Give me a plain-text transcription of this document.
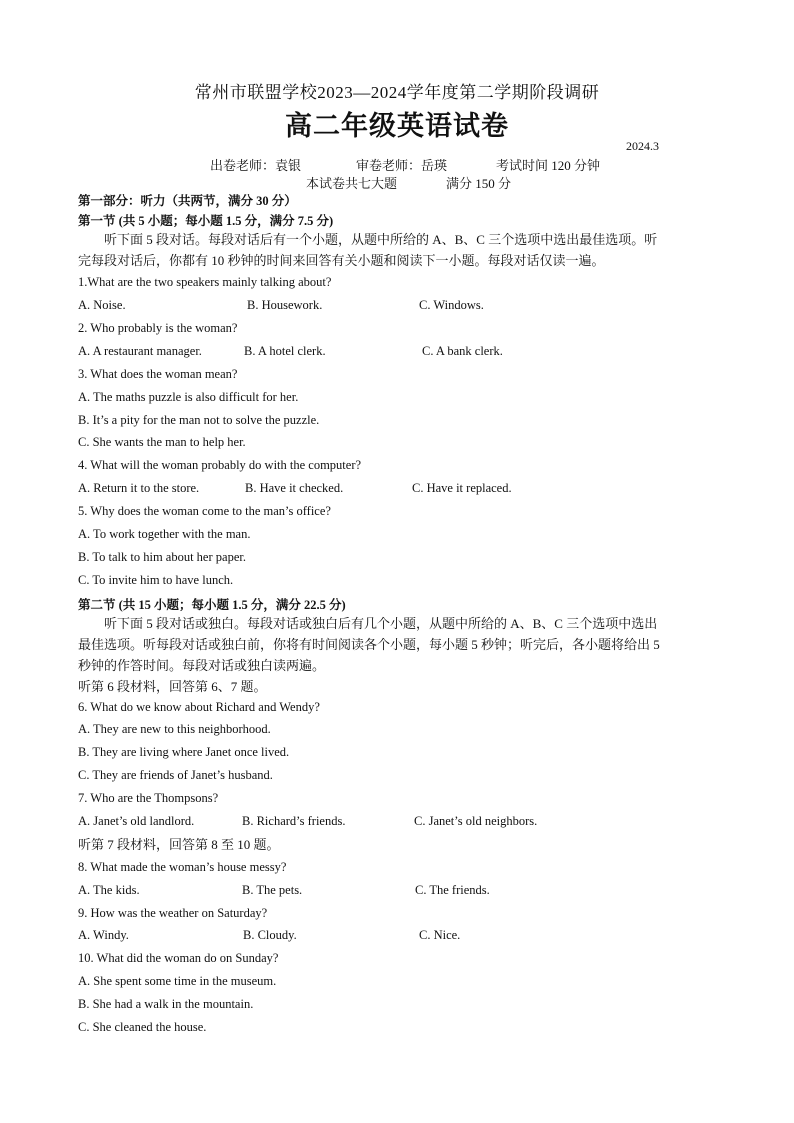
常州市联盟学校2023—2024学年度第二学期阶段调研
高二年级英语试卷
2024.3
出卷老师：袁银	审卷老师：岳瑛	考试时间 120 分钟
本试卷共七大题	满分 150 分
第一部分：听力（共两节，满分 30 分）
第一节 (共 5 小题；每小题 1.5 分，满分 7.5 分)
听下面 5 段对话。每段对话后有一个小题，从题中所给的 A、B、C 三个选项中选出最佳选项。听
完每段对话后，你都有 10 秒钟的时间来回答有关小题和阅读下一小题。每段对话仅读一遍。
1.What are the two speakers mainly talking about?
A. Noise.	B. Housework.	C. Windows.
2. Who probably is the woman?
A. A restaurant manager.	B. A hotel clerk.	C. A bank clerk.
3. What does the woman mean?
A. The maths puzzle is also difficult for her.
B. It’s a pity for the man not to solve the puzzle.
C. She wants the man to help her.
4. What will the woman probably do with the computer?
A. Return it to the store.	B. Have it checked.	C. Have it replaced.
5. Why does the woman come to the man’s office?
A. To work together with the man.
B. To talk to him about her paper.
C. To invite him to have lunch.
第二节 (共 15 小题；每小题 1.5 分，满分 22.5 分)
听下面 5 段对话或独白。每段对话或独白后有几个小题，从题中所给的 A、B、C 三个选项中选出
最佳选项。听每段对话或独白前，你将有时间阅读各个小题，每小题 5 秒钟；听完后，各小题将给出 5
秒钟的作答时间。每段对话或独白读两遍。
听第 6 段材料，回答第 6、7 题。
6. What do we know about Richard and Wendy?
A. They are new to this neighborhood.
B. They are living where Janet once lived.
C. They are friends of Janet’s husband.
7. Who are the Thompsons?
A. Janet’s old landlord.	B. Richard’s friends.	C. Janet’s old neighbors.
听第 7 段材料，回答第 8 至 10 题。
8. What made the woman’s house messy?
A. The kids.	B. The pets.	C. The friends.
9. How was the weather on Saturday?
A. Windy.	B. Cloudy.	C. Nice.
10. What did the woman do on Sunday?
A. She spent some time in the museum.
B. She had a walk in the mountain.
C. She cleaned the house.
